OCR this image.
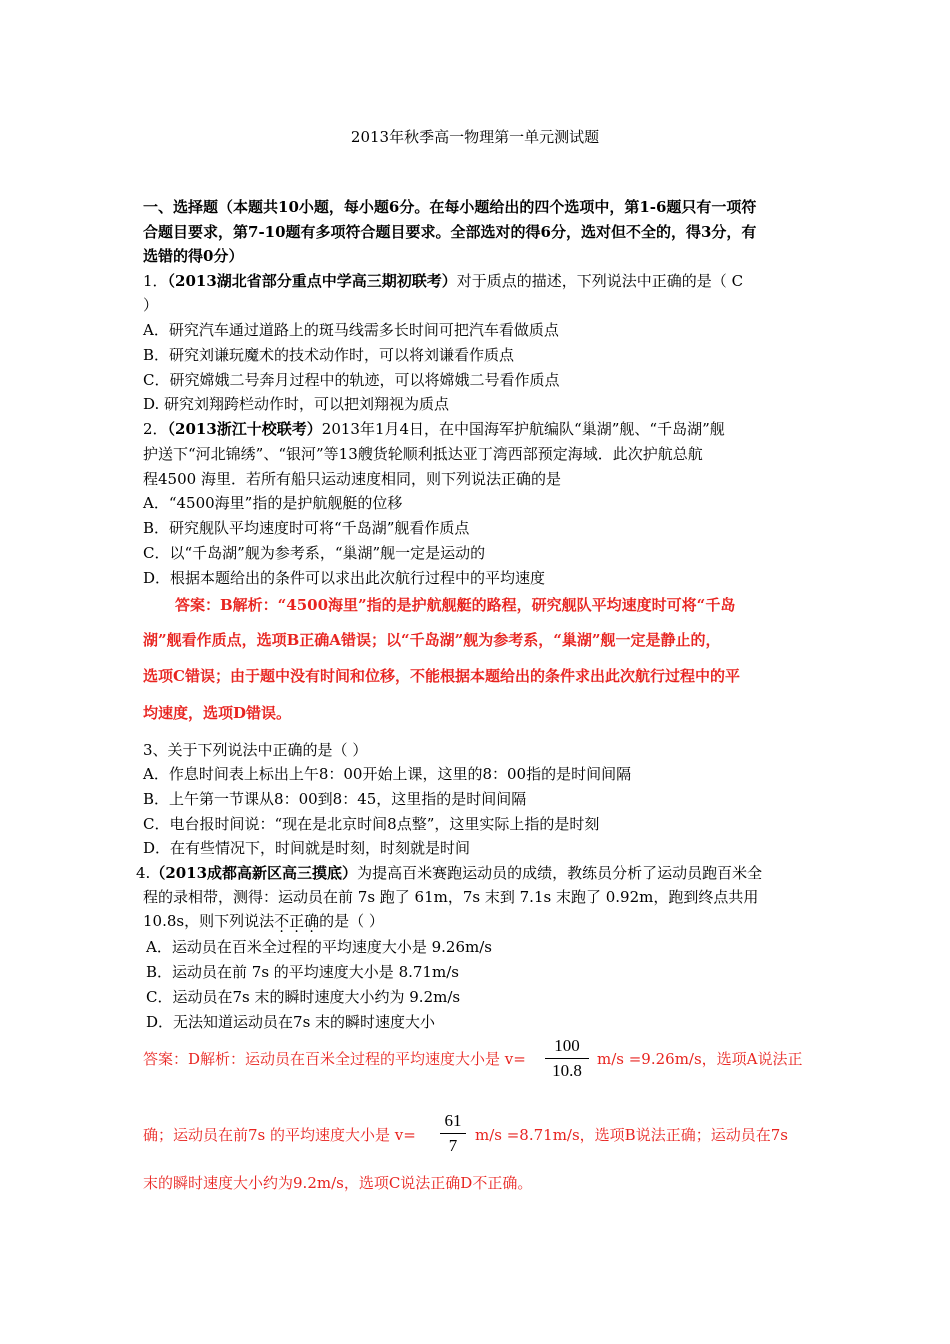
2013年秋季高一物理第一单元测试题
一、选择题（本题共10小题，每小题6分。在每小题给出的四个选项中，第1-6题只有一项符
合题目要求，第7-10题有多项符合题目要求。全部选对的得6分，选对但不全的，得3分，有
选错的得0分）
1．（2013湖北省部分重点中学高三期初联考）对于质点的描述，下列说法中正确的是（ C
）
A．研究汽车通过道路上的斑马线需多长时间可把汽车看做质点
B．研究刘谦玩魔术的技术动作时，可以将刘谦看作质点
C．研究嫦娥二号奔月过程中的轨迹，可以将嫦娥二号看作质点
D. 研究刘翔跨栏动作时，可以把刘翔视为质点
2．（2013浙江十校联考）2013年1月4日，在中国海军护航编队“巢湖”舰、“千岛湖”舰
护送下“河北锦绣”、“银河”等13艘货轮顺利抵达亚丁湾西部预定海域．此次护航总航
程4500 海里．若所有船只运动速度相同，则下列说法正确的是
A．“4500海里”指的是护航舰艇的位移
B．研究舰队平均速度时可将“千岛湖”舰看作质点
C．以“千岛湖”舰为参考系，“巢湖”舰一定是运动的
D．根据本题给出的条件可以求出此次航行过程中的平均速度
答案：B解析：“4500海里”指的是护航舰艇的路程，研究舰队平均速度时可将“千岛
湖”舰看作质点，选项B正确A错误；以“千岛湖”舰为参考系，“巢湖”舰一定是静止的，
选项C错误；由于题中没有时间和位移，不能根据本题给出的条件求出此次航行过程中的平
均速度，选项D错误。
3、关于下列说法中正确的是（ ）
A．作息时间表上标出上午8：00开始上课，这里的8：00指的是时间间隔
B．上午第一节课从8：00到8：45，这里指的是时间间隔
C．电台报时间说：“现在是北京时间8点整”，这里实际上指的是时刻
D．在有些情况下，时间就是时刻，时刻就是时间
4.（2013成都高新区高三摸底）为提高百米赛跑运动员的成绩，教练员分析了运动员跑百米全
程的录相带，测得：运动员在前 7s 跑了 61m，7s 末到 7.1s 末跑了 0.92m，跑到终点共用
10.8s，则下列说法不正确的是（ ）
A．运动员在百米全过程的平均速度大小是 9.26m/s
B．运动员在前 7s 的平均速度大小是 8.71m/s
C．运动员在7s 末的瞬时速度大小约为 9.2m/s
D．无法知道运动员在7s 末的瞬时速度大小
答案：D解析：运动员在百米全过程的平均速度大小是 v=
100
10.8
m/s =9.26m/s，选项A说法正
确；运动员在前7s 的平均速度大小是 v=
61
7
m/s =8.71m/s，选项B说法正确；运动员在7s
末的瞬时速度大小约为9.2m/s，选项C说法正确D不正确。
